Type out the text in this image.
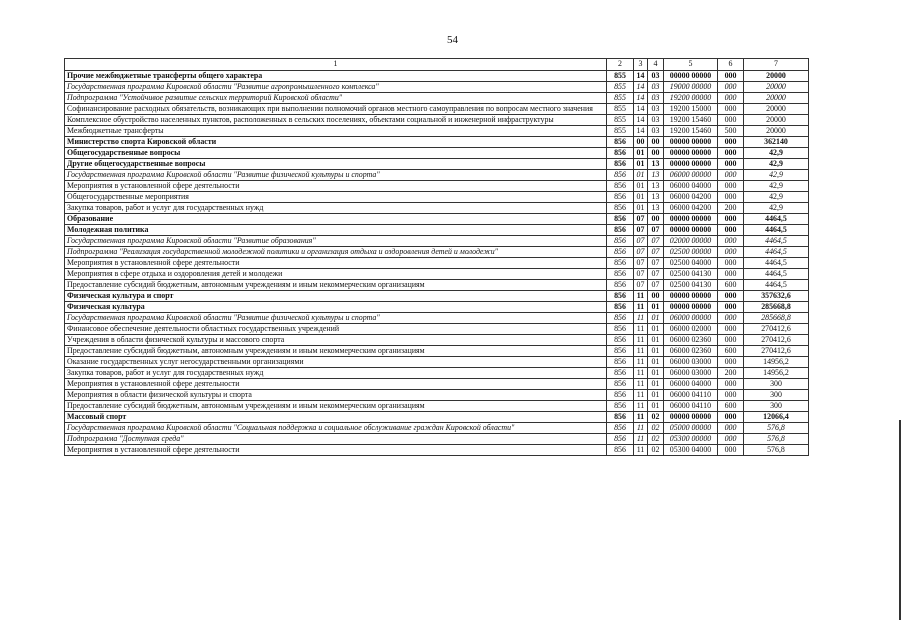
54
1	2	3	4	5	6	7
Прочие межбюджетные трансферты общего характера	855	14	03	00000 00000	000	20000
Государственная программа Кировской области "Развитие агропромышленного комплекса"	855	14	03	19000 00000	000	20000
Подпрограмма "Устойчивое развитие сельских территорий Кировской области"	855	14	03	19200 00000	000	20000
Софинансирование расходных обязательств, возникающих при выполнении полномочий органов местного самоуправления по вопросам местного значения	855	14	03	19200 15000	000	20000
Комплексное обустройство населенных пунктов, расположенных в сельских поселениях, объектами социальной и инженерной инфраструктуры	855	14	03	19200 15460	000	20000
Межбюджетные трансферты	855	14	03	19200 15460	500	20000
Министерство спорта Кировской области	856	00	00	00000 00000	000	362140
Общегосударственные вопросы	856	01	00	00000 00000	000	42,9
Другие общегосударственные вопросы	856	01	13	00000 00000	000	42,9
Государственная программа Кировской области "Развитие физической культуры и спорта"	856	01	13	06000 00000	000	42,9
Мероприятия в установленной сфере деятельности	856	01	13	06000 04000	000	42,9
Общегосударственные мероприятия	856	01	13	06000 04200	000	42,9
Закупка товаров, работ и услуг для государственных нужд	856	01	13	06000 04200	200	42,9
Образование	856	07	00	00000 00000	000	4464,5
Молодежная политика	856	07	07	00000 00000	000	4464,5
Государственная программа Кировской области "Развитие образования"	856	07	07	02000 00000	000	4464,5
Подпрограмма "Реализация государственной молодежной политики и организация отдыха и оздоровления детей и молодежи"	856	07	07	02500 00000	000	4464,5
Мероприятия в установленной сфере деятельности	856	07	07	02500 04000	000	4464,5
Мероприятия в сфере отдыха и оздоровления детей и молодежи	856	07	07	02500 04130	000	4464,5
Предоставление субсидий бюджетным, автономным учреждениям и иным некоммерческим организациям	856	07	07	02500 04130	600	4464,5
Физическая культура и спорт	856	11	00	00000 00000	000	357632,6
Физическая культура	856	11	01	00000 00000	000	285668,8
Государственная программа Кировской области "Развитие физической культуры и спорта"	856	11	01	06000 00000	000	285668,8
Финансовое обеспечение деятельности областных государственных учреждений	856	11	01	06000 02000	000	270412,6
Учреждения в области физической культуры и массового спорта	856	11	01	06000 02360	000	270412,6
Предоставление субсидий бюджетным, автономным учреждениям и иным некоммерческим организациям	856	11	01	06000 02360	600	270412,6
Оказание государственных услуг негосударственными организациями	856	11	01	06000 03000	000	14956,2
Закупка товаров, работ и услуг для государственных нужд	856	11	01	06000 03000	200	14956,2
Мероприятия в установленной сфере деятельности	856	11	01	06000 04000	000	300
Мероприятия в области физической культуры и спорта	856	11	01	06000 04110	000	300
Предоставление субсидий бюджетным, автономным учреждениям и иным некоммерческим организациям	856	11	01	06000 04110	600	300
Массовый спорт	856	11	02	00000 00000	000	12066,4
Государственная программа Кировской области "Социальная поддержка и социальное обслуживание граждан Кировской области"	856	11	02	05000 00000	000	576,8
Подпрограмма "Доступная среда"	856	11	02	05300 00000	000	576,8
Мероприятия в установленной сфере деятельности	856	11	02	05300 04000	000	576,8
